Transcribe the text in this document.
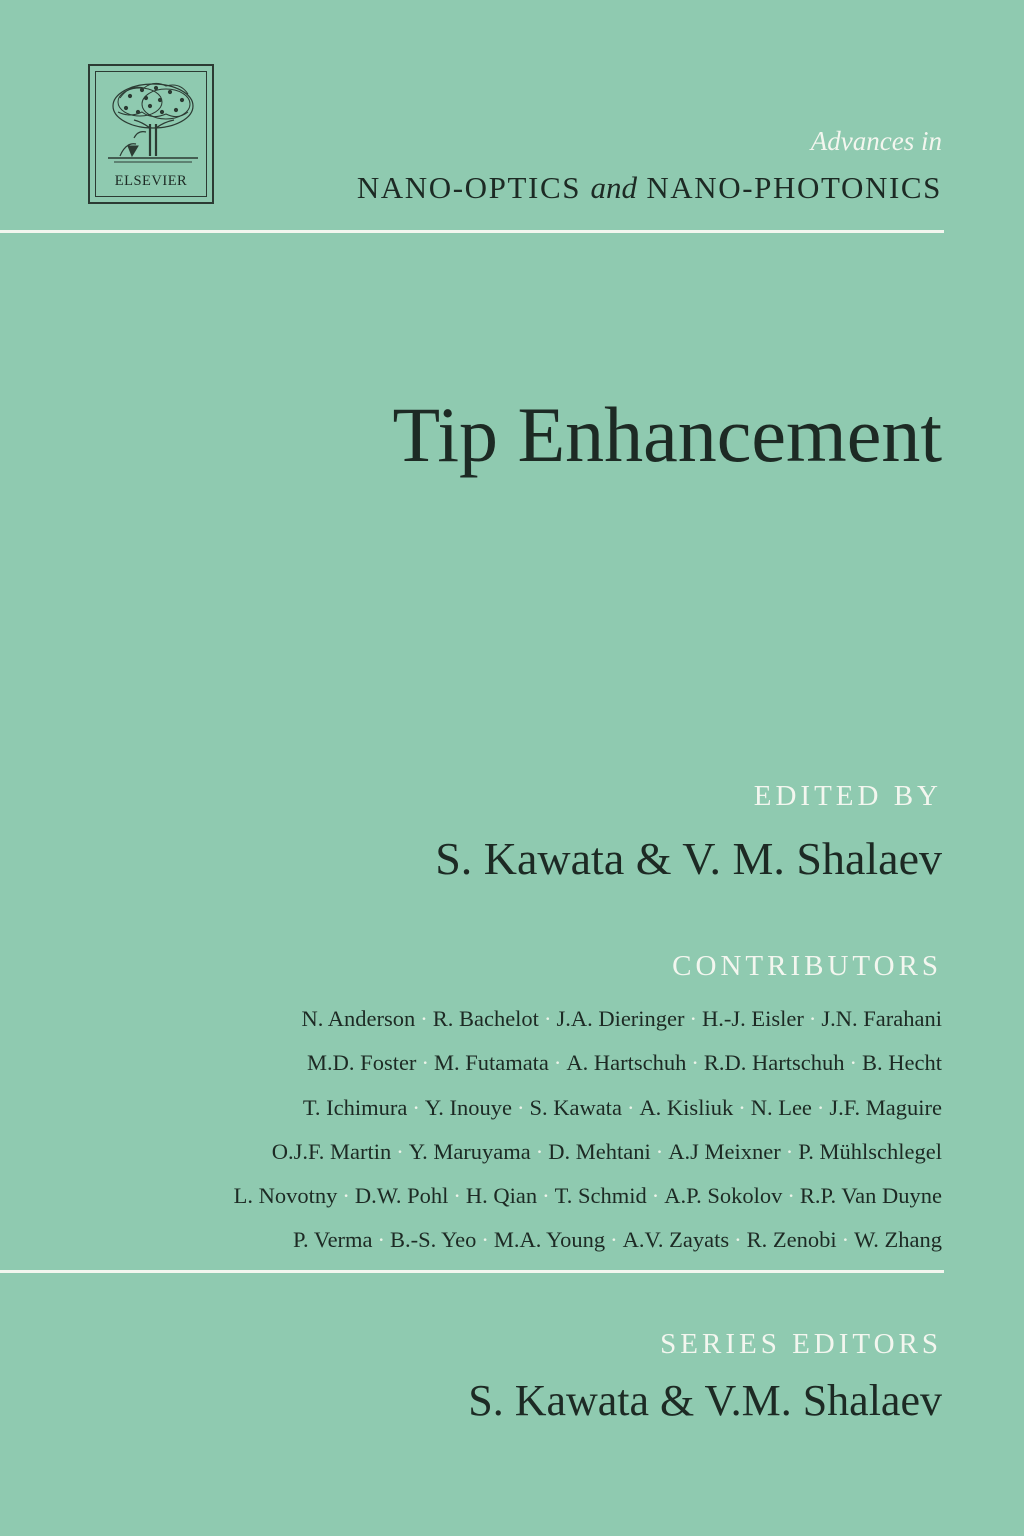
ELSEVIER
Advances in
NANO-OPTICS and NANO-PHOTONICS
Tip Enhancement
EDITED BY
S. Kawata & V. M. Shalaev
CONTRIBUTORS
N. Anderson · R. Bachelot · J.A. Dieringer · H.-J. Eisler · J.N. Farahani
M.D. Foster · M. Futamata · A. Hartschuh · R.D. Hartschuh · B. Hecht
T. Ichimura · Y. Inouye · S. Kawata · A. Kisliuk · N. Lee · J.F. Maguire
O.J.F. Martin · Y. Maruyama · D. Mehtani · A.J Meixner · P. Mühlschlegel
L. Novotny · D.W. Pohl · H. Qian · T. Schmid · A.P. Sokolov · R.P. Van Duyne
P. Verma · B.-S. Yeo · M.A. Young · A.V. Zayats · R. Zenobi · W. Zhang
SERIES EDITORS
S. Kawata & V.M. Shalaev
